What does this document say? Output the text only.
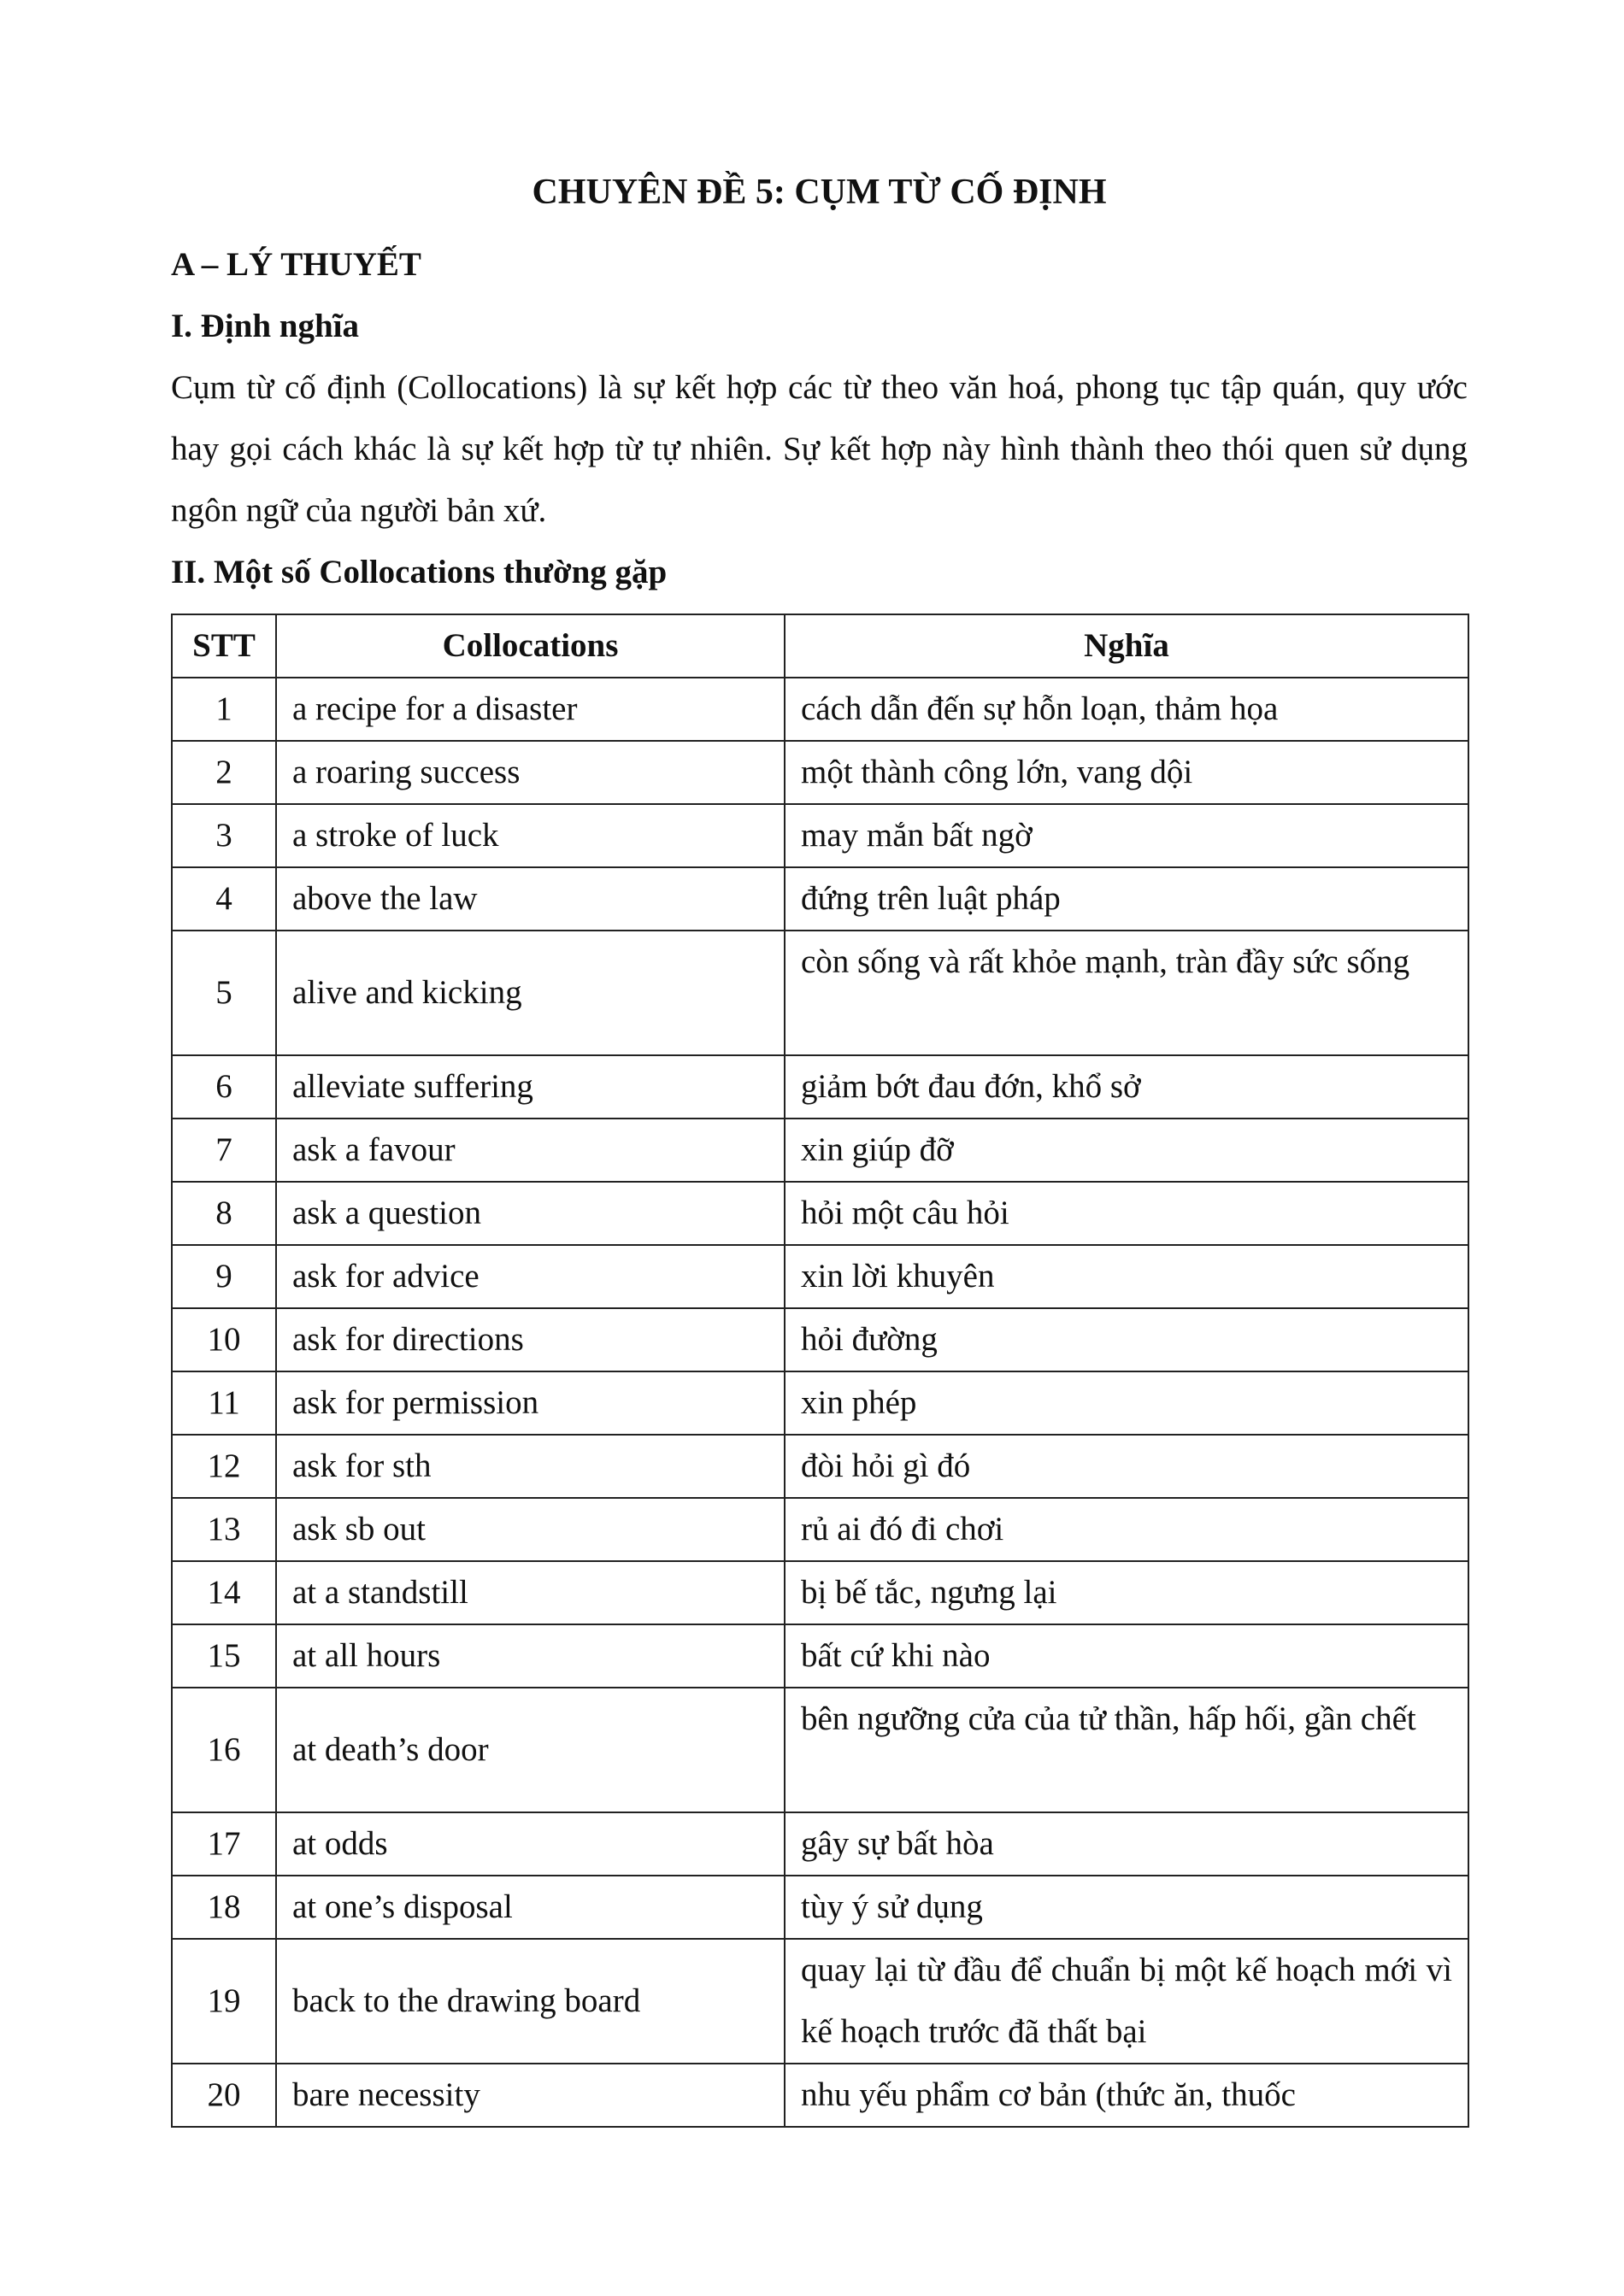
CHUYÊN ĐỀ 5: CỤM TỪ CỐ ĐỊNH
A – LÝ THUYẾT
I. Định nghĩa

Cụm từ cố định (Collocations) là sự kết hợp các từ theo văn hoá, phong tục tập quán, quy ước hay gọi cách khác là sự kết hợp từ tự nhiên. Sự kết hợp này hình thành theo thói quen sử dụng ngôn ngữ của người bản xứ.

II. Một số Collocations thường gặp
STT	Collocations	Nghĩa
1	a recipe for a disaster	cách dẫn đến sự hỗn loạn, thảm họa
2	a roaring success	một thành công lớn, vang dội
3	a stroke of luck	may mắn bất ngờ
4	above the law	đứng trên luật pháp
5	alive and kicking	còn sống và rất khỏe mạnh, tràn đầy sức sống
6	alleviate suffering	giảm bớt đau đớn, khổ sở
7	ask a favour	xin giúp đỡ
8	ask a question	hỏi một câu hỏi
9	ask for advice	xin lời khuyên
10	ask for directions	hỏi đường
11	ask for permission	xin phép
12	ask for sth	đòi hỏi gì đó
13	ask sb out	rủ ai đó đi chơi
14	at a standstill	bị bế tắc, ngưng lại
15	at all hours	bất cứ khi nào
16	at death’s door	bên ngưỡng cửa của tử thần, hấp hối, gần chết
17	at odds	gây sự bất hòa
18	at one’s disposal	tùy ý sử dụng
19	back to the drawing board	quay lại từ đầu để chuẩn bị một kế hoạch mới vì kế hoạch trước đã thất bại
20	bare necessity	nhu yếu phẩm cơ bản (thức ăn, thuốc
